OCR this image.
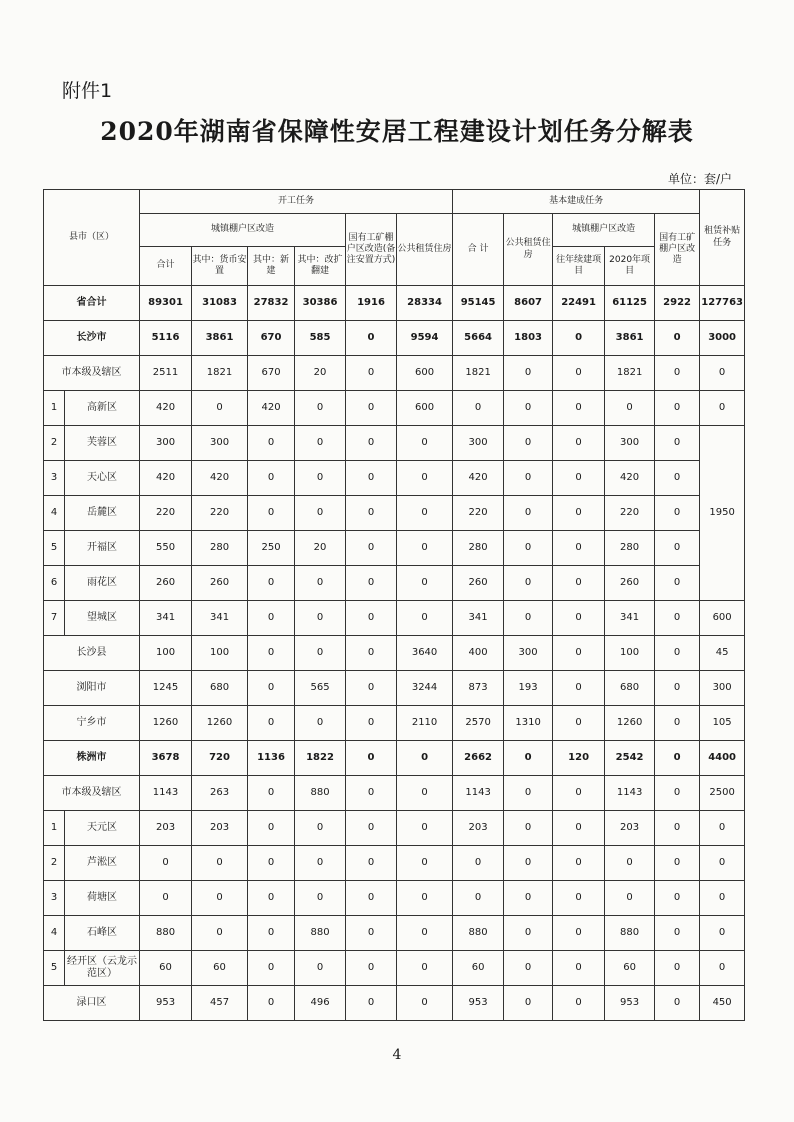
附件1
2020年湖南省保障性安居工程建设计划任务分解表
单位：套/户
县市（区）		开工任务						基本建成任务					租赁补贴任务
		城镇棚户区改造				国有工矿棚户区改造(备注安置方式)	公共租赁住房	合 计	公共租赁住房	城镇棚户区改造		国有工矿棚户区改造	
		合计	其中：货币安置	其中：新 建	其中：改扩翻建					往年续建项目	2020年项目		
省合计		89301	31083	27832	30386	1916	28334	95145	8607	22491	61125	2922	127763
长沙市		5116	3861	670	585	0	9594	5664	1803	0	3861	0	3000
市本级及辖区		2511	1821	670	20	0	600	1821	0	0	1821	0	0
1	高新区	420	0	420	0	0	600	0	0	0	0	0	0
2	芙蓉区	300	300	0	0	0	0	300	0	0	300	0	1950
3	天心区	420	420	0	0	0	0	420	0	0	420	0	
4	岳麓区	220	220	0	0	0	0	220	0	0	220	0	
5	开福区	550	280	250	20	0	0	280	0	0	280	0	
6	雨花区	260	260	0	0	0	0	260	0	0	260	0	
7	望城区	341	341	0	0	0	0	341	0	0	341	0	600
长沙县		100	100	0	0	0	3640	400	300	0	100	0	45
浏阳市		1245	680	0	565	0	3244	873	193	0	680	0	300
宁乡市		1260	1260	0	0	0	2110	2570	1310	0	1260	0	105
株洲市		3678	720	1136	1822	0	0	2662	0	120	2542	0	4400
市本级及辖区		1143	263	0	880	0	0	1143	0	0	1143	0	2500
1	天元区	203	203	0	0	0	0	203	0	0	203	0	0
2	芦淞区	0	0	0	0	0	0	0	0	0	0	0	0
3	荷塘区	0	0	0	0	0	0	0	0	0	0	0	0
4	石峰区	880	0	0	880	0	0	880	0	0	880	0	0
5	经开区（云龙示范区）	60	60	0	0	0	0	60	0	0	60	0	0
渌口区		953	457	0	496	0	0	953	0	0	953	0	450
4
